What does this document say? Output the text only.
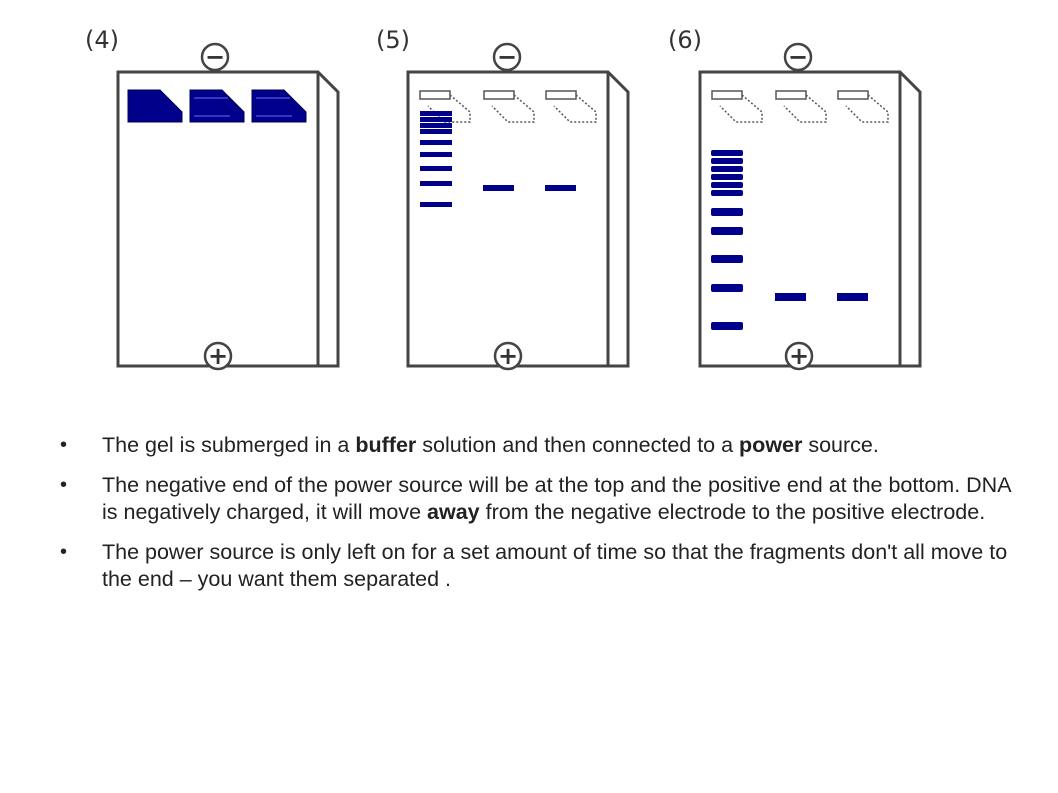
(4)
−
+
(5)
−
+
(6)
−
+
• The gel is submerged in a buffer solution and then connected to a power source.
• The negative end of the power source will be at the top and the positive end at the bottom. DNA is negatively charged, it will move away from the negative electrode to the positive electrode.
• The power source is only left on for a set amount of time so that the fragments don't all move to the end – you want them separated .
